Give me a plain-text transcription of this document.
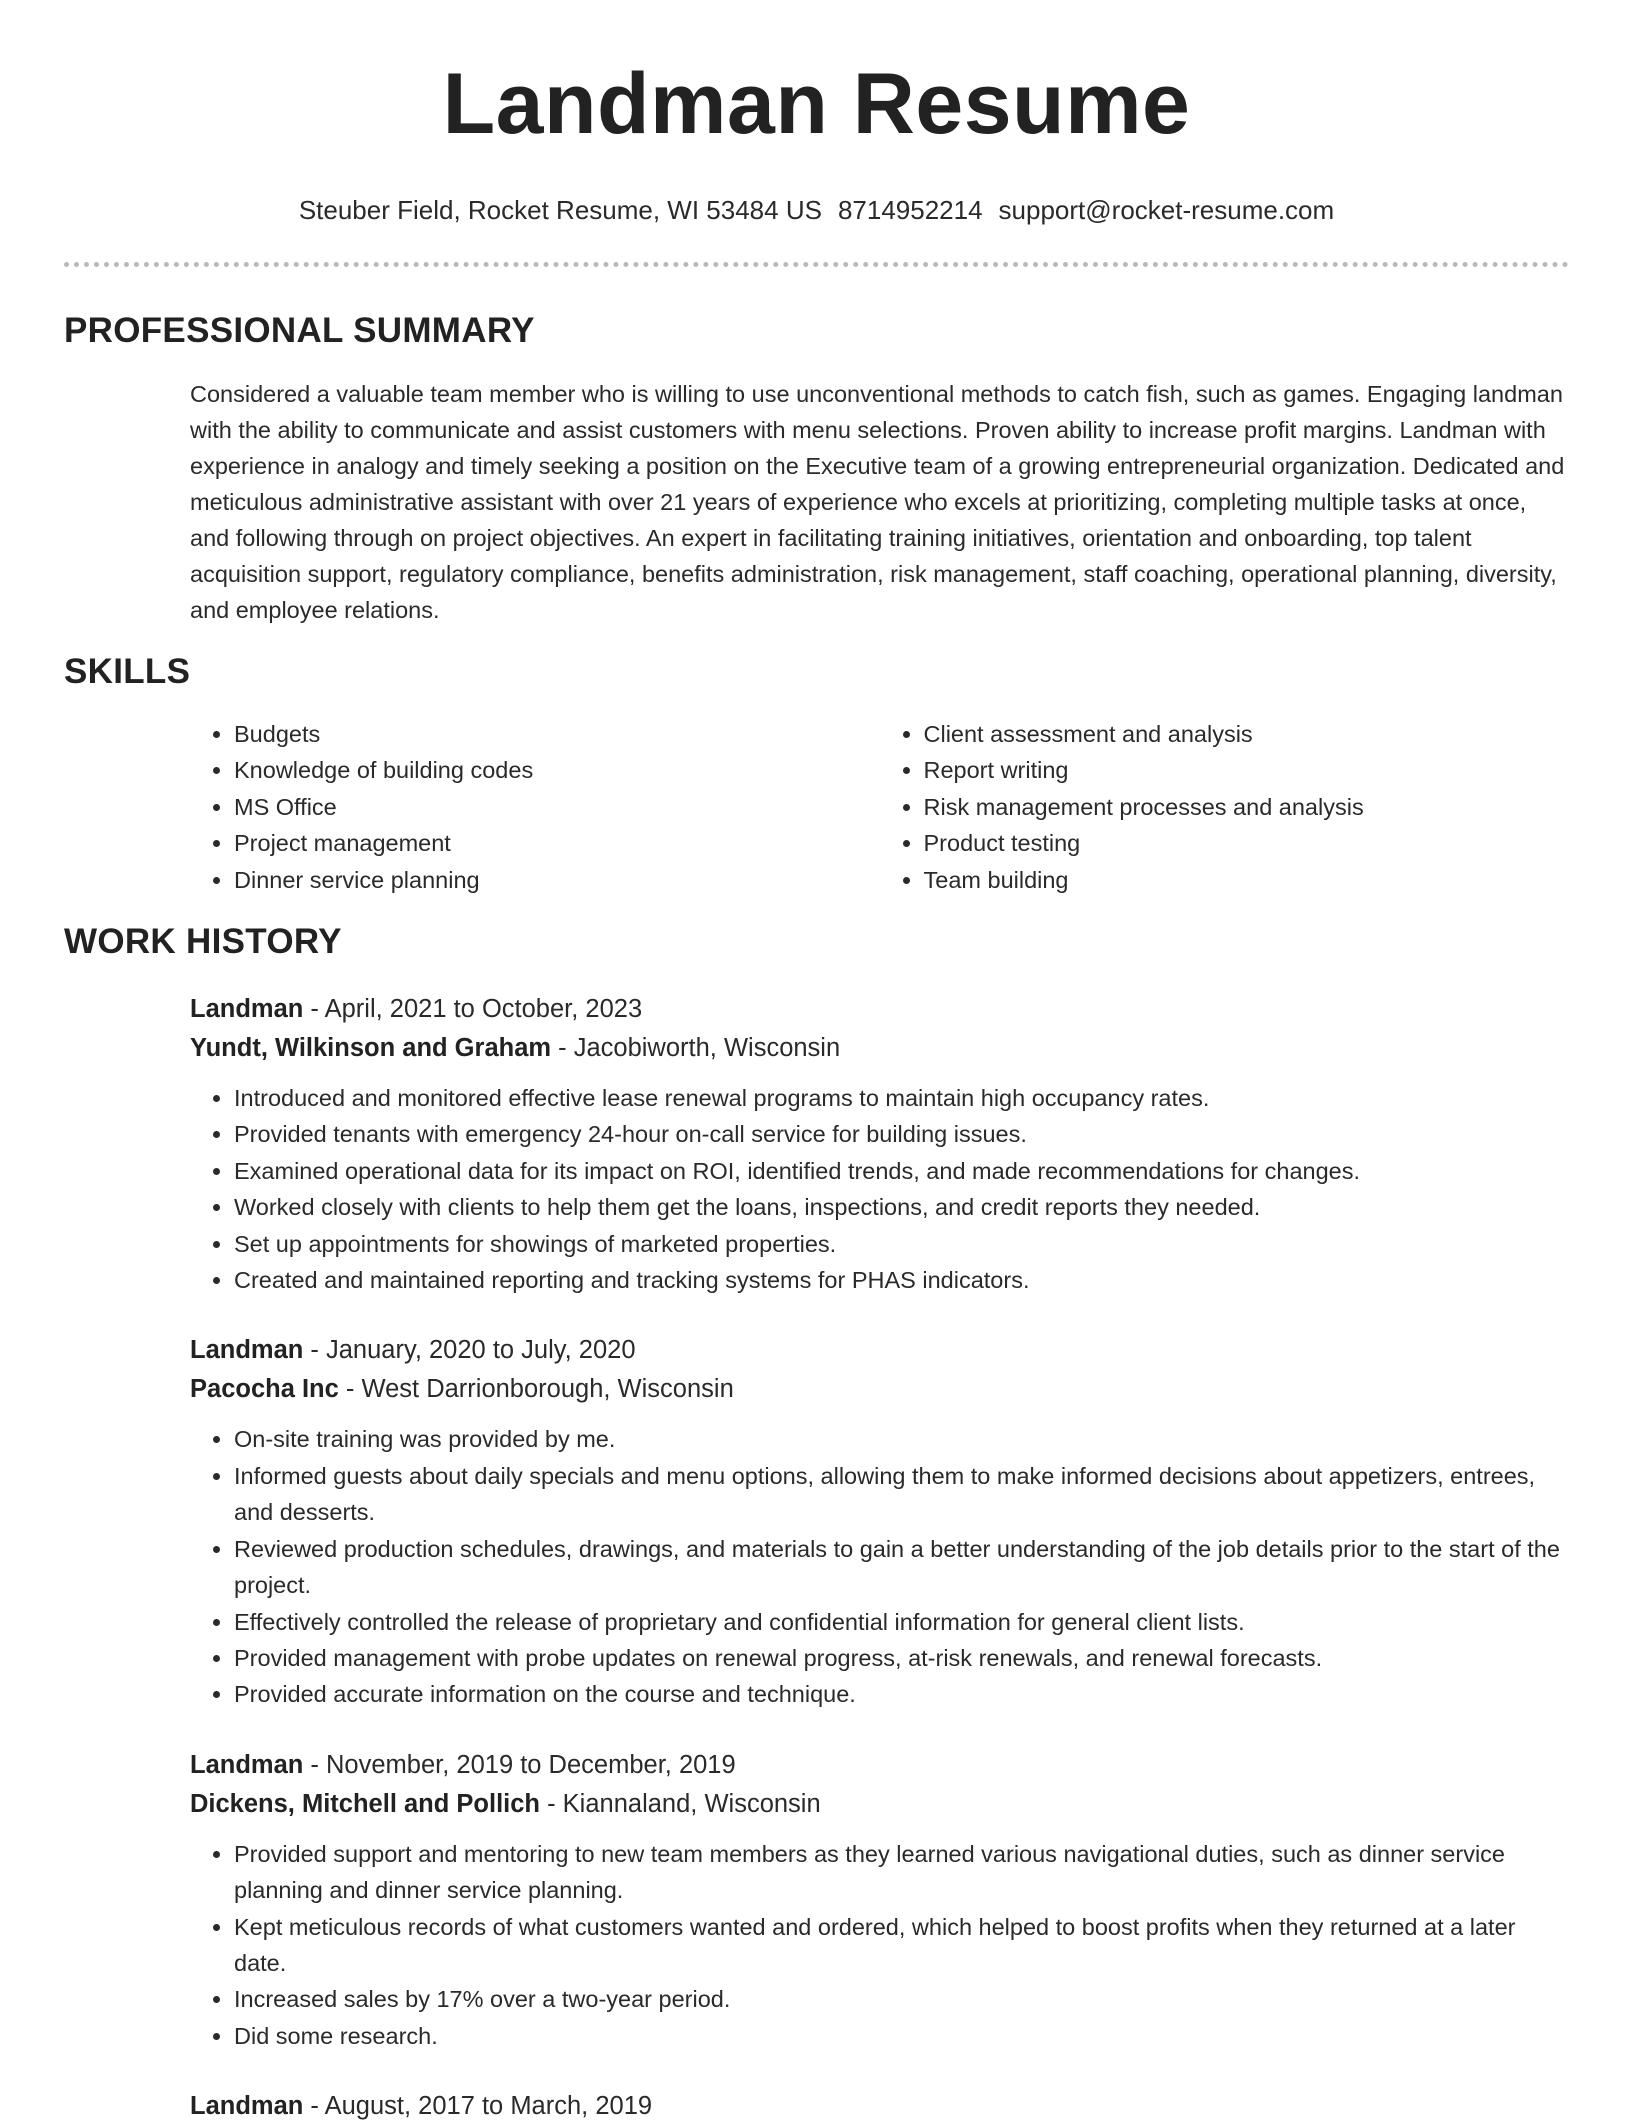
Landman Resume
Steuber Field, Rocket Resume, WI 53484 US 8714952214 support@rocket-resume.com
PROFESSIONAL SUMMARY

Considered a valuable team member who is willing to use unconventional methods to catch fish, such as games. Engaging landman with the ability to communicate and assist customers with menu selections. Proven ability to increase profit margins. Landman with experience in analogy and timely seeking a position on the Executive team of a growing entrepreneurial organization. Dedicated and meticulous administrative assistant with over 21 years of experience who excels at prioritizing, completing multiple tasks at once, and following through on project objectives. An expert in facilitating training initiatives, orientation and onboarding, top talent acquisition support, regulatory compliance, benefits administration, risk management, staff coaching, operational planning, diversity, and employee relations.

SKILLS
• Budgets
• Knowledge of building codes
• MS Office
• Project management
• Dinner service planning
• Client assessment and analysis
• Report writing
• Risk management processes and analysis
• Product testing
• Team building
WORK HISTORY
Landman - April, 2021 to October, 2023
Yundt, Wilkinson and Graham - Jacobiworth, Wisconsin
• Introduced and monitored effective lease renewal programs to maintain high occupancy rates.
• Provided tenants with emergency 24-hour on-call service for building issues.
• Examined operational data for its impact on ROI, identified trends, and made recommendations for changes.
• Worked closely with clients to help them get the loans, inspections, and credit reports they needed.
• Set up appointments for showings of marketed properties.
• Created and maintained reporting and tracking systems for PHAS indicators.
Landman - January, 2020 to July, 2020
Pacocha Inc - West Darrionborough, Wisconsin
• On-site training was provided by me.
• Informed guests about daily specials and menu options, allowing them to make informed decisions about appetizers, entrees, and desserts.
• Reviewed production schedules, drawings, and materials to gain a better understanding of the job details prior to the start of the project.
• Effectively controlled the release of proprietary and confidential information for general client lists.
• Provided management with probe updates on renewal progress, at-risk renewals, and renewal forecasts.
• Provided accurate information on the course and technique.
Landman - November, 2019 to December, 2019
Dickens, Mitchell and Pollich - Kiannaland, Wisconsin
• Provided support and mentoring to new team members as they learned various navigational duties, such as dinner service planning and dinner service planning.
• Kept meticulous records of what customers wanted and ordered, which helped to boost profits when they returned at a later date.
• Increased sales by 17% over a two-year period.
• Did some research.
Landman - August, 2017 to March, 2019
